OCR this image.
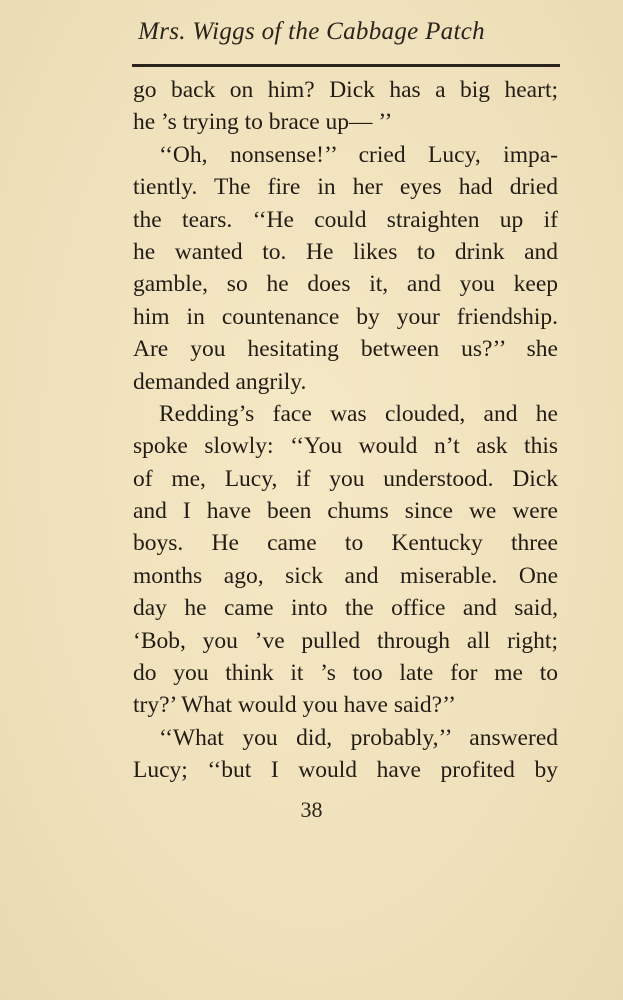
Mrs. Wiggs of the Cabbage Patch
go back on him? Dick has a big heart;
he ’s trying to brace up— ’’
‘‘Oh, nonsense!’’ cried Lucy, impa-
tiently. The fire in her eyes had dried
the tears. ‘‘He could straighten up if
he wanted to. He likes to drink and
gamble, so he does it, and you keep
him in countenance by your friendship.
Are you hesitating between us?’’ she
demanded angrily.
Redding’s face was clouded, and he
spoke slowly: ‘‘You would n’t ask this
of me, Lucy, if you understood. Dick
and I have been chums since we were
boys. He came to Kentucky three
months ago, sick and miserable. One
day he came into the office and said,
‘Bob, you ’ve pulled through all right;
do you think it ’s too late for me to
try?’ What would you have said?’’
‘‘What you did, probably,’’ answered
Lucy; ‘‘but I would have profited by
38
